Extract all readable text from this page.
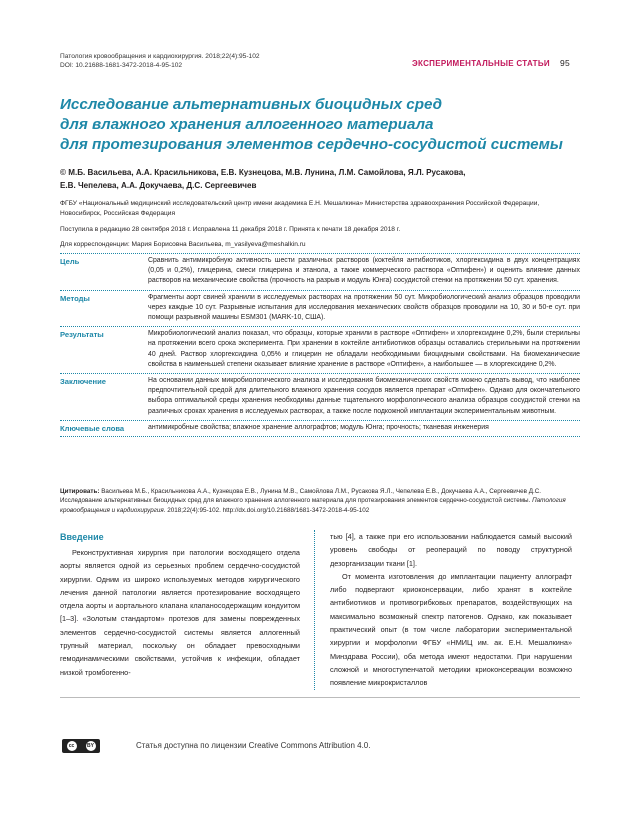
Патология кровообращения и кардиохирургия. 2018;22(4):95-102
DOI: 10.21688-1681-3472-2018-4-95-102	ЭКСПЕРИМЕНТАЛЬНЫЕ СТАТЬИ 95
Исследование альтернативных биоцидных сред
для влажного хранения аллогенного материала
для протезирования элементов сердечно-сосудистой системы
© М.Б. Васильева, А.А. Красильникова, Е.В. Кузнецова, М.В. Лунина, Л.М. Самойлова, Я.Л. Русакова,
Е.В. Чепелева, А.А. Докучаева, Д.С. Сергеевичев
ФГБУ «Национальный медицинский исследовательский центр имени академика Е.Н. Мешалкина» Министерства здравоохранения Российской Федерации, Новосибирск, Российская Федерация
Поступила в редакцию 28 сентября 2018 г. Исправлена 11 декабря 2018 г. Принята к печати 18 декабря 2018 г.
Для корреспонденции: Мария Борисовна Васильева, m_vasilyeva@meshalkin.ru
Цель	Сравнить антимикробную активность шести различных растворов (коктейля антибиотиков, хлоргексидина в двух концентрациях (0,05 и 0,2%), глицерина, смеси глицерина и этанола, а также коммерческого раствора «Оптифен») и оценить влияние данных растворов на механические свойства (прочность на разрыв и модуль Юнга) сосудистой стенки на протяжении 50 сут. хранения.
Методы	Фрагменты аорт свиней хранили в исследуемых растворах на протяжении 50 сут. Микробиологический анализ образцов проводили через каждые 10 сут. Разрывные испытания для исследования механических свойств образцов проводили на 10, 30 и 50-е сут. при помощи разрывной машины ESM301 (MARK-10, США).
Результаты	Микробиологический анализ показал, что образцы, которые хранили в растворе «Оптифен» и хлоргексидине 0,2%, были стерильны на протяжении всего срока эксперимента. При хранении в коктейле антибиотиков образцы оставались стерильными на протяжении 40 дней. Раствор хлоргексидина 0,05% и глицерин не обладали необходимыми биоцидными свойствами. На биомеханические свойства в наименьшей степени оказывает влияние хранение в растворе «Оптифен», а наибольшее — в хлоргексидине 0,2%.
Заключение	На основании данных микробиологического анализа и исследования биомеханических свойств можно сделать вывод, что наиболее предпочтительной средой для длительного влажного хранения сосудов является препарат «Оптифен». Однако для окончательного выбора оптимальной среды хранения необходимы данные тщательного морфологического анализа образцов сосудистой стенки на различных сроках хранения в исследуемых растворах, а также после подкожной имплантации экспериментальным животным.
Ключевые слова	антимикробные свойства; влажное хранение аллографтов; модуль Юнга; прочность; тканевая инженерия
Цитировать: Васильева М.Б., Красильникова А.А., Кузнецова Е.В., Лунина М.В., Самойлова Л.М., Русакова Я.Л., Чепелева Е.В., Докучаева А.А., Сергеевичев Д.С. Исследование альтернативных биоцидных сред для влажного хранения аллогенного материала для протезирования элементов сердечно-сосудистой системы. Патология кровообращения и кардиохирургия. 2018;22(4):95-102. http://dx.doi.org/10.21688/1681-3472-2018-4-95-102
Введение
Реконструктивная хирургия при патологии восходящего отдела аорты является одной из серьезных проблем сердечно-сосудистой хирургии. Одним из широко используемых методов хирургического лечения данной патологии является протезирование восходящего отдела аорты и аортального клапана клапаносодержащим кондуитом [1–3]. «Золотым стандартом» протезов для замены поврежденных элементов сердечно-сосудистой системы является аллогенный трупный материал, поскольку он обладает превосходными гемодинамическими свойствами, устойчив к инфекции, обладает низкой тромбогенно-
тью [4], а также при его использовании наблюдается самый высокий уровень свободы от реопераций по поводу структурной дезорганизации ткани [1].
От момента изготовления до имплантации пациенту аллографт либо подвергают криоконсервации, либо хранят в коктейле антибиотиков и противогрибковых препаратов, воздействующих на максимально возможный спектр патогенов. Однако, как показывает практический опыт (в том числе лаборатории экспериментальной хирургии и морфологии ФГБУ «НМИЦ им. ак. Е.Н. Мешалкина» Минздрава России), оба метода имеют недостатки. При нарушении сложной и многоступенчатой методики криоконсервации возможно появление микрокристаллов
cc	BY	Статья доступна по лицензии Creative Commons Attribution 4.0.
